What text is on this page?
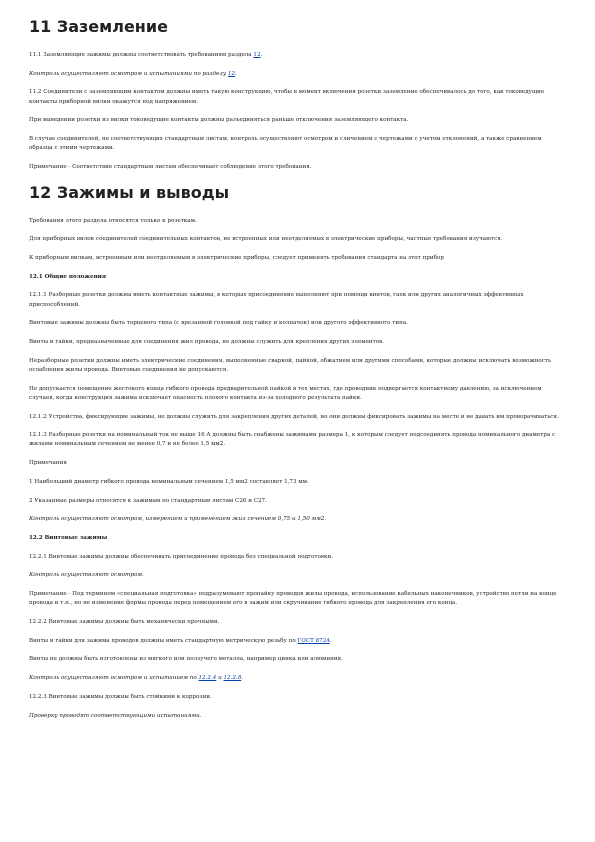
11 Заземление

11.1 Заземляющие зажимы должны соответствовать требованиям раздела 12.

Контроль осуществляют осмотром и испытаниями по разделу 12.

11.2 Соединители с заземляющим контактом должны иметь такую конструкцию, чтобы в момент включения розетки заземление обеспечивалось до того, как токоведущие контакты приборной вилки окажутся под напряжением.

При выведении розетки из вилки токоведущие контакты должны разъединяться раньше отключения заземляющего контакта.

В случае соединителей, не соответствующих стандартным листам, контроль осуществляют осмотром и сличением с чертежами с учетом отклонений, а также сравнением образца с этими чертежами.

Примечание - Соответствие стандартным листам обеспечивает соблюдение этого требования.

12 Зажимы и выводы

Требования этого раздела относятся только к розеткам.

Для приборных вилок соединителей соединительных контактов, не встроенных или неотделяемых в электрические приборы, частные требования изучаются.

К приборным вилкам, встроенным или неотделяемым в электрические приборы, следует применять требования стандарта на этот прибор

12.1 Общие положения

12.1.1 Разборные розетки должны иметь контактные зажимы, в которых присоединение выполняют при помощи винтов, гаек или других аналогичных эффективных приспособлений.

Винтовые зажимы должны быть торцевого типа (с врезанной головкой под гайку и колпачок) или другого эффективного типа.

Винты и гайки, предназначенные для соединения жил провода, не должны служить для крепления других элементов.

Неразборные розетки должны иметь электрические соединения, выполненные сваркой, пайкой, обжатием или другими способами, которые должны исключать возможность ослабления жилы провода. Винтовые соединения не допускаются.

Не допускается помещение жестокого конца гибкого провода предварительной пайкой в тех местах, где проводник подвергается контактному давлению, за исключением случаев, когда конструкция зажима исключает опасность плохого контакта из-за холодного результата пайки.

12.1.2 Устройства, фиксирующие зажимы, не должны служить для закрепления других деталей, но они должны фиксировать зажимы на месте и не давать им проворачиваться.

12.1.3 Разборные розетки на номинальный ток не выше 16 А должны быть снабжены зажимами размера 1, к которым следует подсоединять провода номинального диаметра с жилами номинальным сечением не менее 0,7 и не более 1,5 мм2.

Примечания

1 Наибольший диаметр гибкого провода номинальным сечением 1,5 мм2 составляет 1,73 мм.

2 Указанные размеры относятся к зажимам по стандартным листам С26 и С27.

Контроль осуществляют осмотром, измерением и применением жил сечением 0,75 и 1,50 мм2.

12.2 Винтовые зажимы

12.2.1 Винтовые зажимы должны обеспечивать присоединение провода без специальной подготовки.

Контроль осуществляют осмотром.

Примечание - Под термином «специальная подготовка» подразумевают пропайку проводов жилы провода, использование кабельных наконечников, устройство петли на конце провода и т.п., но не изменение формы провода перед помещением его в зажим или скручивание гибкого провода для закрепления его конца.

12.2.2 Винтовые зажимы должны быть механически прочными.

Винты и гайки для зажима проводов должны иметь стандартную метрическую резьбу по ГОСТ 8724.

Винты не должны быть изготовлены из мягкого или ползучего металла, например цинка или алюминия.

Контроль осуществляют осмотром и испытанием по 12.2.4 и 12.2.8.

12.2.3 Винтовые зажимы должны быть стойкими к коррозии.

Проверку проводят соответствующими испытаниями.
